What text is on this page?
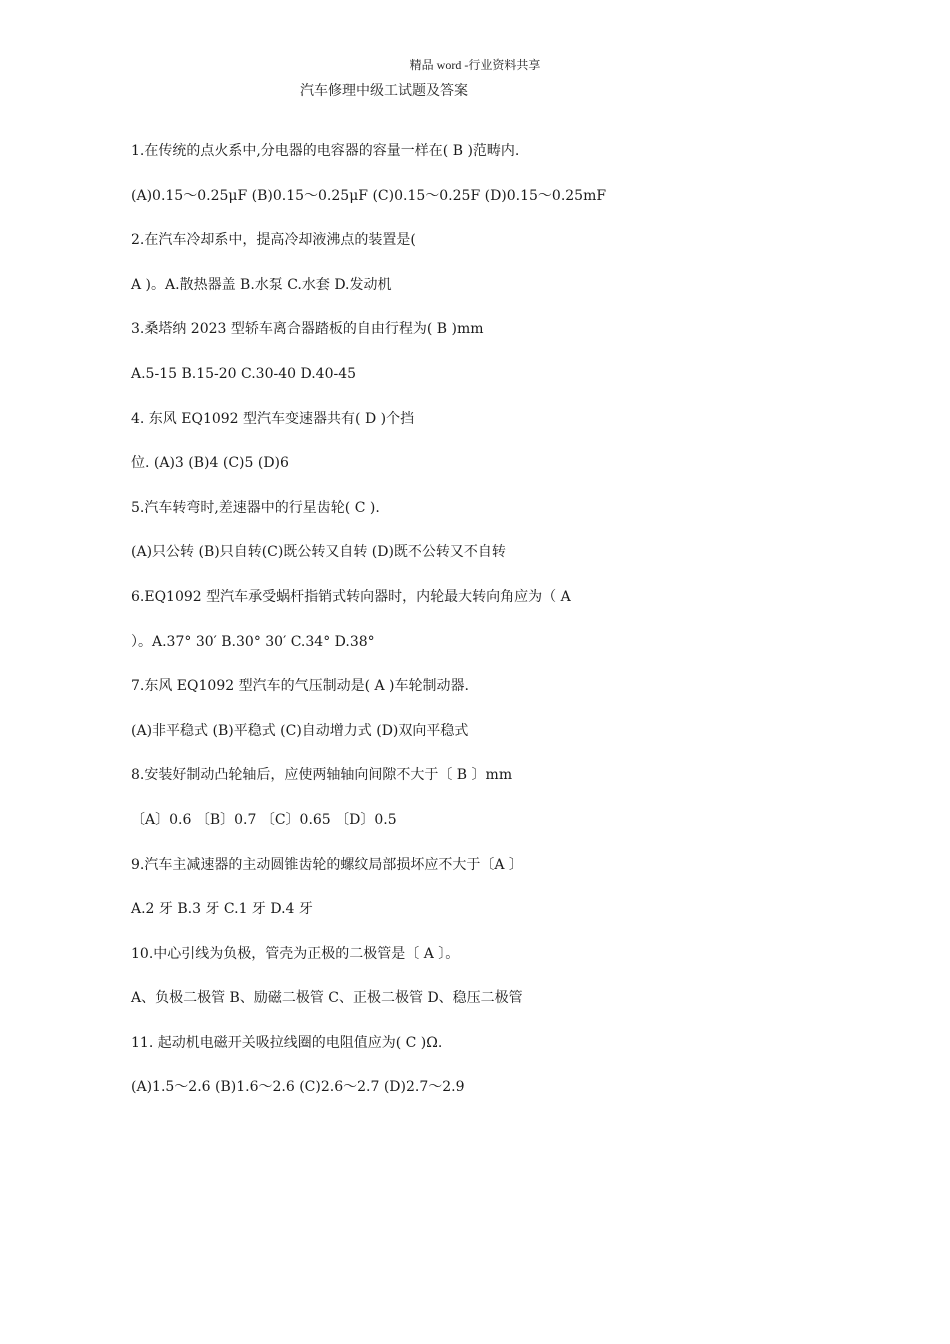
精品 word -行业资料共享
汽车修理中级工试题及答案
1.在传统的点火系中,分电器的电容器的容量一样在( B )范畴内.
(A)0.15～0.25μF (B)0.15～0.25μF (C)0.15～0.25F (D)0.15～0.25mF
2.在汽车冷却系中，提高冷却液沸点的装置是(
A )。A.散热器盖 B.水泵 C.水套 D.发动机
3.桑塔纳 2023 型轿车离合器踏板的自由行程为( B )mm
A.5-15 B.15-20 C.30-40 D.40-45
4. 东风 EQ1092 型汽车变速器共有( D )个挡
位. (A)3 (B)4 (C)5 (D)6
5.汽车转弯时,差速器中的行星齿轮( C ).
(A)只公转 (B)只自转(C)既公转又自转 (D)既不公转又不自转
6.EQ1092 型汽车承受蜗杆指销式转向器时，内轮最大转向角应为（ A
）。A.37° 30′ B.30° 30′ C.34° D.38°
7.东风 EQ1092 型汽车的气压制动是( A )车轮制动器.
(A)非平稳式 (B)平稳式 (C)自动增力式 (D)双向平稳式
8.安装好制动凸轮轴后，应使两轴轴向间隙不大于〔 B 〕mm
〔A〕0.6 〔B〕0.7 〔C〕0.65 〔D〕0.5
9.汽车主减速器的主动圆锥齿轮的螺纹局部损坏应不大于〔A 〕
A.2 牙 B.3 牙 C.1 牙 D.4 牙
10.中心引线为负极，管壳为正极的二极管是〔 A 〕。
A、负极二极管 B、励磁二极管 C、正极二极管 D、稳压二极管
11. 起动机电磁开关吸拉线圈的电阻值应为( C )Ω.
(A)1.5～2.6 (B)1.6～2.6 (C)2.6～2.7 (D)2.7～2.9
